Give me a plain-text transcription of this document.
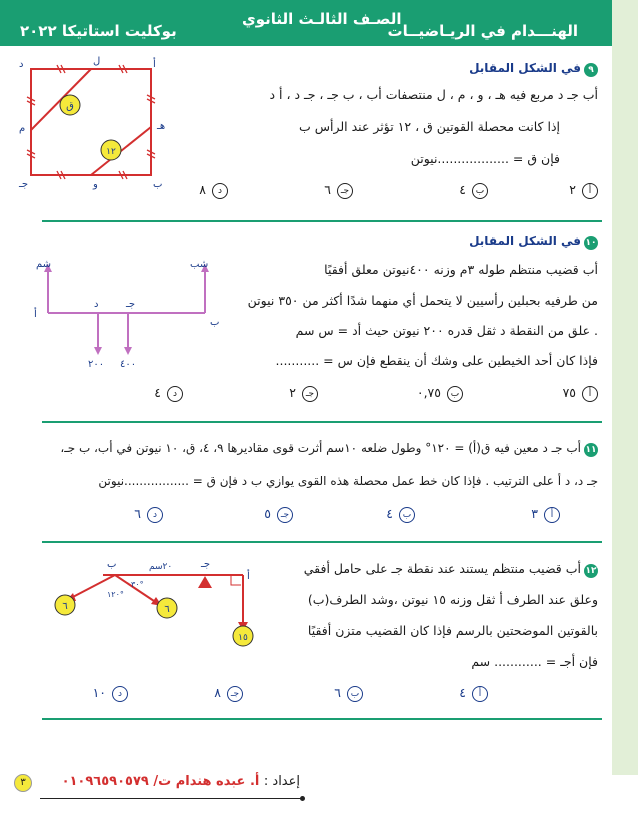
الهنـــدام في الريـاضيــات
الصـف الثالـث الثانوي
بوكليت استاتيكا ٢٠٢٢
٩في الشكل المقابل
أب جـ د مربع فيه هـ ، و ، م ، ل منتصفات أب ، ب جـ ، جـ د ، أ د
إذا كانت محصلة القوتين ق ، ١٢ تؤثر عند الرأس ب
فإن ق = ..................نيوتن
أ٢
ب٤
جـ٦
د٨
ق
١٢
أ
ب
جـ
د
هـ
و
م
ل
١٠في الشكل المقابل
أب قضيب منتظم طوله ٣م وزنه ٤٠٠نيوتن معلق أفقيًا
من طرفيه بحبلين رأسيين لا يتحمل أي منهما شدًا أكثر من ٣٥٠ نيوتن
. علق من النقطة د ثقل قدره ٢٠٠ نيوتن حيث أد = س سم
فإذا كان أحد الخيطين على وشك أن ينقطع فإن س = ...........
أ٧٥
ب٠,٧٥
جـ٢
د٤
شم	شب
أ
ب
د	جـ
٢٠٠ ٤٠٠
١١أب جـ د معين فيه ق(أ) = ١٢٠° وطول ضلعه ١٠سم أثرت قوى مقاديرها ٩، ٤، ق، ١٠ نيوتن في أب، ب جـ،
جـ د، د أ على الترتيب . فإذا كان خط عمل محصلة هذه القوى يوازي ب د فإن ق = .................نيوتن
أ٣
ب٤
جـ٥
د٦
١٢أب قضيب منتظم يستند عند نقطة جـ على حامل أفقي
وعلق عند الطرف أ ثقل وزنه ١٥ نيوتن ،وشد الطرف(ب)
بالقوتين الموضحتين بالرسم فإذا كان القضيب متزن أفقيًا
فإن أجـ = ............ سم
أ٤
ب٦
جـ٨
د١٠
٦	٦
١٥
ب	جـ
أ
٢٠سم
٣٠°
١٢٠°
٣	إعداد : أ. عبده هندام ت/ ٠١٠٩٦٥٩٠٥٧٩
